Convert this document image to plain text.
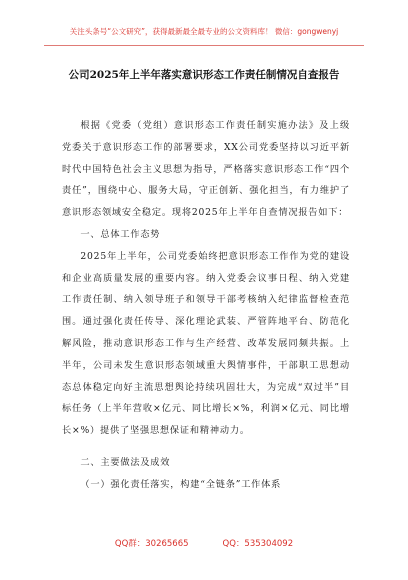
关注头条号“公文研究”，获得最新最全最专业的公文资料库！ 微信：gongwenyj
公司2025年上半年落实意识形态工作责任制情况自查报告

根据《党委（党组）意识形态工作责任制实施办法》及上级党委关于意识形态工作的部署要求，XX公司党委坚持以习近平新时代中国特色社会主义思想为指导，严格落实意识形态工作“四个责任”，围绕中心、服务大局，守正创新、强化担当，有力维护了意识形态领域安全稳定。现将2025年上半年自查情况报告如下：

一、总体工作态势

2025年上半年，公司党委始终把意识形态工作作为党的建设和企业高质量发展的重要内容。纳入党委会议事日程、纳入党建工作责任制、纳入领导班子和领导干部考核纳入纪律监督检查范围。通过强化责任传导、深化理论武装、严管阵地平台、防范化解风险，推动意识形态工作与生产经营、改革发展同频共振。上半年，公司未发生意识形态领域重大舆情事件，干部职工思想动态总体稳定向好主流思想舆论持续巩固壮大，为完成“双过半”目标任务（上半年营收×亿元、同比增长×%，利润×亿元、同比增长×%）提供了坚强思想保证和精神动力。

二、主要做法及成效

（一）强化责任落实，构建“全链条”工作体系

QQ群：30265665	QQ：535304092
